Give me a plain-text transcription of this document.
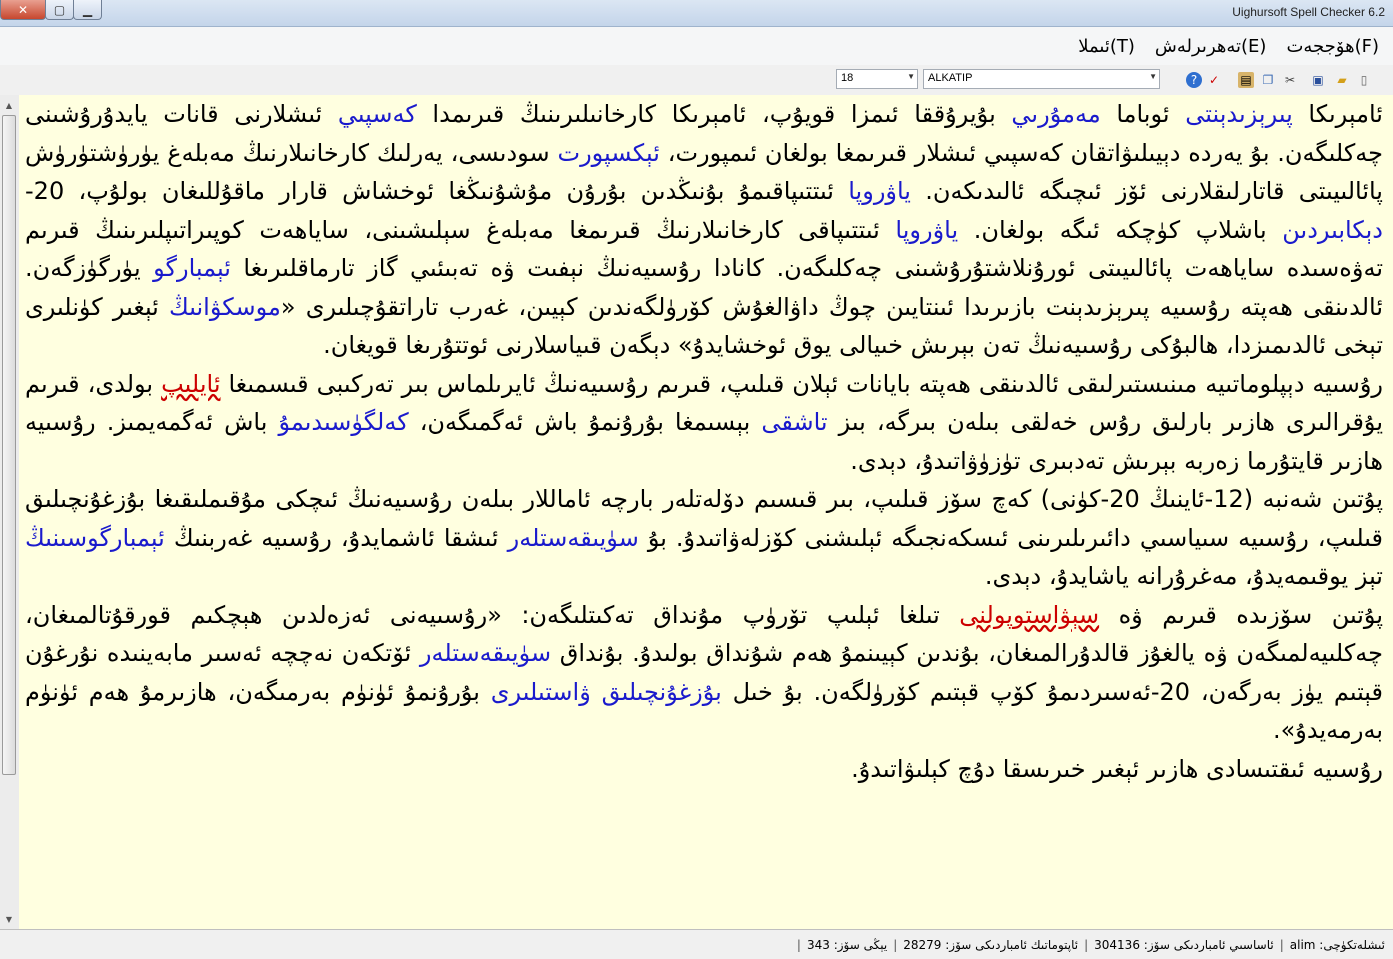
✕ ▢ ▁	Uighursoft Spell Checker 6.2
ھۆججەت(F)
تەھرىرلەش(E)
ئىملا(T)
18	▼	ALKATIP	▼	? ✓ ▤ ❐ ✂ ▣ ▰	▯
▲
▼
ئامېرىكا پىرېزىدېنتى ئوباما مەمۇرىي بۇيرۇققا ئىمزا قويۇپ، ئامېرىكا كارخانىلىرىنىڭ قىرىمدا كەسپىي ئىشلارنى قانات يايدۇرۇشىنى چەكلىگەن. بۇ يەردە دېيىلىۋاتقان كەسپىي ئىشلار قىرىمغا بولغان ئىمپورت، ئېكسپورت سودىسى، يەرلىك كارخانىلارنىڭ مەبلەغ يۈرۈشتۈرۈش پائالىيىتى قاتارلىقلارنى ئۆز ئىچىگە ئالىدىكەن. ياۋروپا ئىتتىپاقىمۇ بۇنىڭدىن بۇرۇن مۇشۇنىڭغا ئوخشاش قارار ماقۇللىغان بولۇپ، 20-دېكابىردىن باشلاپ كۈچكە ئىگە بولغان. ياۋروپا ئىتتىپاقى كارخانىلارنىڭ قىرىمغا مەبلەغ سېلىشىنى، ساياھەت كوپىراتىپلىرىنىڭ قىرىم تەۋەسىدە ساياھەت پائالىيىتى ئورۇنلاشتۇرۇشىنى چەكلىگەن. كانادا رۇسىيەنىڭ نېفىت ۋە تەبىئىي گاز تارماقلىرىغا ئېمبارگو يۈرگۈزگەن. ئالدىنقى ھەپتە رۇسىيە پىرېزىدېنت بازىرىدا ئىنتايىن چوڭ داۋالغۇش كۆرۈلگەندىن كېيىن، غەرب تاراتقۇچىلىرى «موسكۋانىڭ ئېغىر كۈنلىرى تېخى ئالدىمىزدا، ھالبۇكى رۇسىيەنىڭ تەن بېرىش خىيالى يوق ئوخشايدۇ» دېگەن قىياسلارنى ئوتتۇرىغا قويغان.
رۇسىيە دېپلوماتىيە مىنىستىرلىقى ئالدىنقى ھەپتە بايانات ئېلان قىلىپ، قىرىم رۇسىيەنىڭ ئايرىلماس بىر تەركىبى قىسمىغا ئايلىپ بولدى، قىرىم يۇقرالىرى ھازىر بارلىق رۇس خەلقى بىلەن بىرگە، بىز تاشقى بېسىمغا بۇرۇنمۇ باش ئەگمىگەن، كەلگۈسىدىمۇ باش ئەگمەيمىز. رۇسىيە ھازىر قايتۇرما زەربە بېرىش تەدبىرى تۈزۈۋاتىدۇ، دېدى.
پۇتىن شەنبە (12-ئاينىڭ 20-كۈنى) كەچ سۆز قىلىپ، بىر قىسىم دۆلەتلەر بارچە ئاماللار بىلەن رۇسىيەنىڭ ئىچكى مۇقىملىقىغا بۇزغۇنچىلىق قىلىپ، رۇسىيە سىياسىي دائىرىلىرىنى ئىسكەنجىگە ئېلىشنى كۆزلەۋاتىدۇ. بۇ سۈيىقەستلەر ئىشقا ئاشمايدۇ، رۇسىيە غەربنىڭ ئېمبارگوسىنىڭ تېز يوقىمەيدۇ، مەغرۇرانە ياشايدۇ، دېدى.
پۇتىن سۆزىدە قىرىم ۋە سېۋاستوپولنى تىلغا ئېلىپ تۆرۈپ مۇنداق تەكىتلىگەن: «رۇسىيەنى ئەزەلدىن ھېچكىم قورقۇتالمىغان، چەكلىيەلمىگەن ۋە يالغۇز قالدۇرالمىغان، بۇندىن كېيىنمۇ ھەم شۇنداق بولىدۇ. بۇنداق سۈيىقەستلەر ئۆتكەن نەچچە ئەسىر مابەينىدە نۇرغۇن قېتىم يۈز بەرگەن، 20-ئەسىردىمۇ كۆپ قېتىم كۆرۈلگەن. بۇ خىل بۇزغۇنچىلىق ۋاستىلىرى بۇرۇنمۇ ئۈنۈم بەرمىگەن، ھازىرمۇ ھەم ئۈنۈم بەرمەيدۇ».
رۇسىيە ئىقتىسادى ھازىر ئېغىر خىرىسقا دۇچ كېلىۋاتىدۇ.
ئىشلەتكۈچى: alim
|
ئاساسىي ئامباردىكى سۆز: 304136
|
ئاپتوماتىك ئامباردىكى سۆز: 28279
|
يېڭى سۆز: 343
|
